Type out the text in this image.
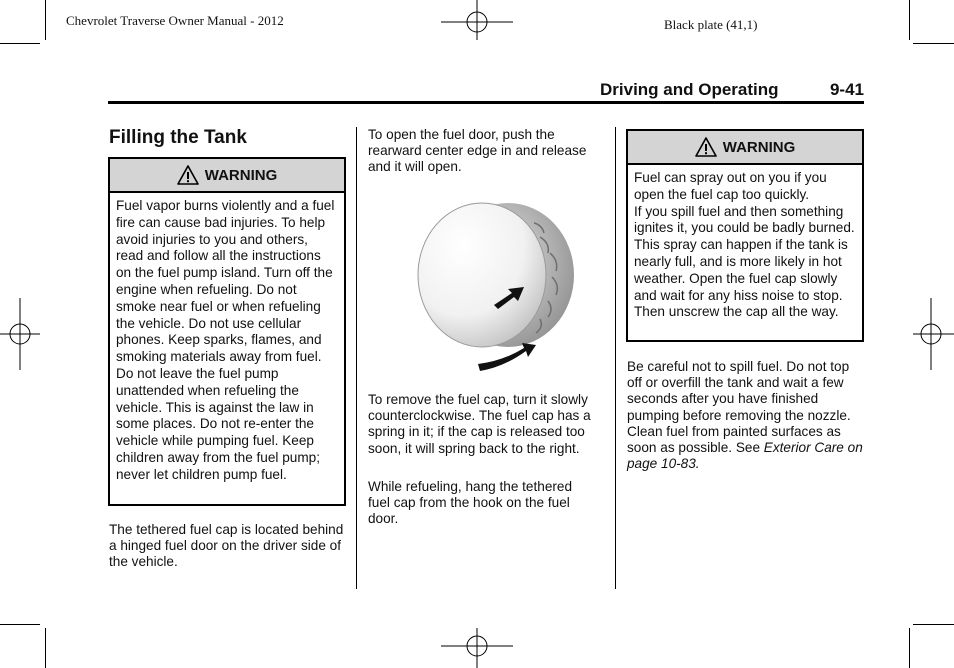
Chevrolet Traverse Owner Manual - 2012	Black plate (41,1)
Driving and Operating	9-41
Filling the Tank
WARNING
Fuel vapor burns violently and a fuel fire can cause bad injuries. To help avoid injuries to you and others, read and follow all the instructions on the fuel pump island. Turn off the engine when refueling. Do not smoke near fuel or when refueling the vehicle. Do not use cellular phones. Keep sparks, flames, and smoking materials away from fuel. Do not leave the fuel pump unattended when refueling the vehicle. This is against the law in some places. Do not re-enter the vehicle while pumping fuel. Keep children away from the fuel pump; never let children pump fuel.
The tethered fuel cap is located behind a hinged fuel door on the driver side of the vehicle.
To open the fuel door, push the rearward center edge in and release and it will open.
To remove the fuel cap, turn it slowly counterclockwise. The fuel cap has a spring in it; if the cap is released too soon, it will spring back to the right.
While refueling, hang the tethered fuel cap from the hook on the fuel door.
WARNING

Fuel can spray out on you if you open the fuel cap too quickly.

If you spill fuel and then something ignites it, you could be badly burned. This spray can happen if the tank is nearly full, and is more likely in hot weather. Open the fuel cap slowly and wait for any hiss noise to stop. Then unscrew the cap all the way.

Be careful not to spill fuel. Do not top off or overfill the tank and wait a few seconds after you have finished pumping before removing the nozzle. Clean fuel from painted surfaces as soon as possible. See Exterior Care on page 10-83.
